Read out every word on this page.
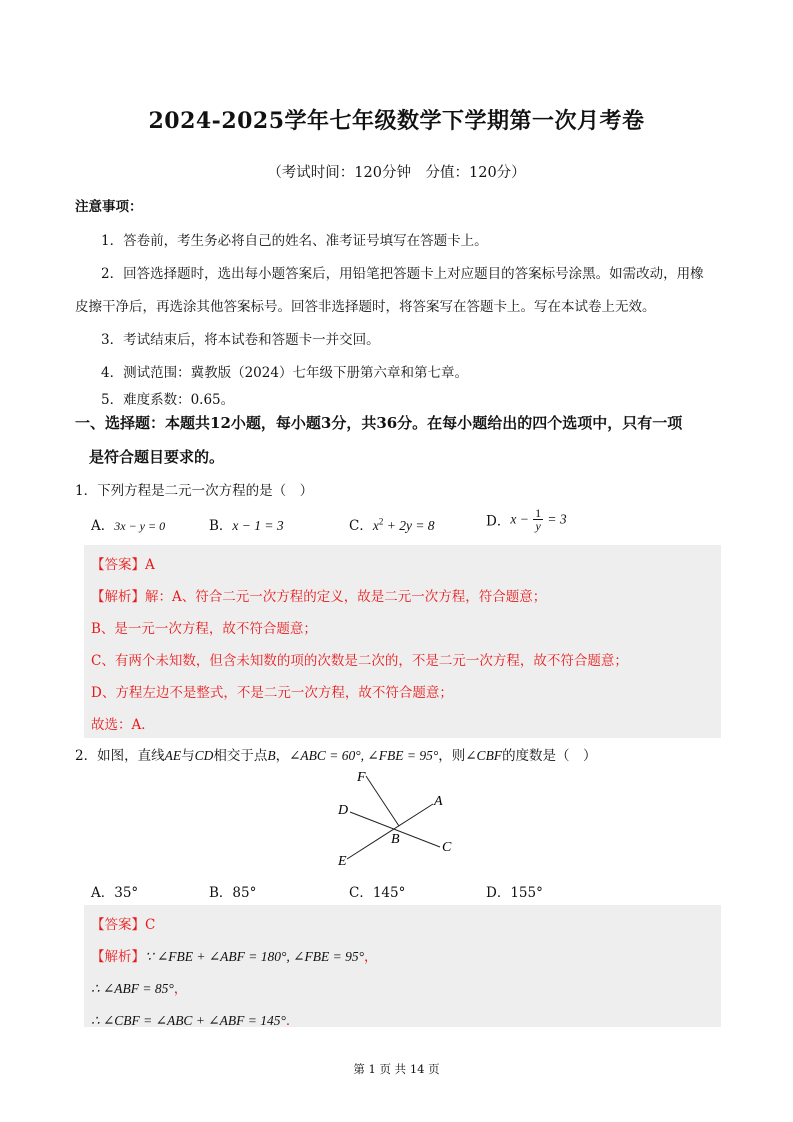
2024-2025学年七年级数学下学期第一次月考卷
（考试时间：120分钟　分值：120分）
注意事项：
1．答卷前，考生务必将自己的姓名、准考证号填写在答题卡上。
2．回答选择题时，选出每小题答案后，用铅笔把答题卡上对应题目的答案标号涂黑。如需改动，用橡
皮擦干净后，再选涂其他答案标号。回答非选择题时，将答案写在答题卡上。写在本试卷上无效。
3．考试结束后，将本试卷和答题卡一并交回。
4．测试范围：冀教版（2024）七年级下册第六章和第七章。
5．难度系数：0.65。
一、选择题：本题共12小题，每小题3分，共36分。在每小题给出的四个选项中，只有一项
是符合题目要求的。
1．下列方程是二元一次方程的是（　）
A．3x − y = 0	B．x − 1 = 3	C．$x^2 + 2y = 8$	D．$x - \frac{1}{y} = 3$
【答案】A
【解析】解：A、符合二元一次方程的定义，故是二元一次方程，符合题意；
B、是一元一次方程，故不符合题意；
C、有两个未知数，但含未知数的项的次数是二次的，不是二元一次方程，故不符合题意；
D、方程左边不是整式，不是二元一次方程，故不符合题意；
故选：A．
2．如图，直线AE与CD相交于点B，∠ABC = 60°, ∠FBE = 95°，则∠CBF的度数是（　）
F
A
D
B
C
E
A．35°	B．85°	C．145°	D．155°
【答案】C
【解析】∵ ∠FBE + ∠ABF = 180°, ∠FBE = 95°，
∴ ∠ABF = 85°，
∴ ∠CBF = ∠ABC + ∠ABF = 145°．
第 1 页 共 14 页
